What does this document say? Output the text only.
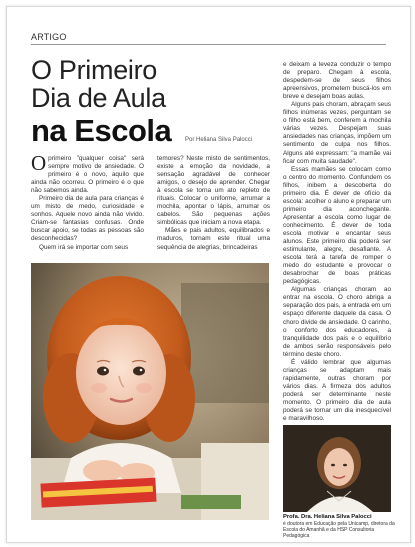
ARTIGO
O Primeiro
Dia de Aula
na Escola Por Heliana Silva Palocci

Oprimeiro "qualquer coisa" será sempre motivo de ansiedade. O primeiro é o novo, aquilo que ainda não ocorreu. O primeiro é o que não sabemos ainda.

Primeiro dia de aula para crianças é um misto de medo, curiosidade e sonhos. Aquele novo ainda não vivido. Criam-se fantasias confusas. Onde buscar apoio, se todas as pessoas são desconhecidas?

Quem irá se importar com seus

temores? Neste misto de sentimentos, existe a emoção da novidade, a sensação agradável de conhecer amigos, o desejo de aprender. Chegar à escola se torna um ato repleto de rituais. Colocar o uniforme, arrumar a mochila, apontar o lápis, arrumar os cabelos. São pequenas ações simbólicas que iniciam a nova etapa.

Mães e pais adultos, equilibrados e maduros, tornam este ritual uma sequência de alegrias, brincadeiras

e deixam a leveza conduzir o tempo de preparo. Chegam à escola, despedem-se de seus filhos apreensivos, prometem buscá-los em breve e desejam boas aulas.

Alguns pais choram, abraçam seus filhos inúmeras vezes, perguntam se o filho está bem, conferem a mochila várias vezes. Despejam suas ansiedades nas crianças, impõem um sentimento de culpa nos filhos. Alguns até expressam: "a mamãe vai ficar com muita saudade".

Essas mamães se colocam como o centro do momento. Confundem os filhos, inibem a descoberta do primeiro dia. É dever de ofício da escola: acolher o aluno e preparar um primeiro dia aconchegante. Apresentar a escola como lugar de conhecimento. É dever de toda escola motivar e encantar seus alunos. Este primeiro dia poderá ser estimulante, alegre, desafiante. A escola terá a tarefa de romper o medo do estudante e provocar o desabrochar de boas práticas pedagógicas.

Algumas crianças choram ao entrar na escola. O choro abriga a separação dos pais, a entrada em um espaço diferente daquele da casa. O choro divide de ansiedade. O carinho, o conforto dos educadores, a tranquilidade dos pais e o equilíbrio de ambos serão responsáveis pelo término deste choro.

É válido lembrar que algumas crianças se adaptam mais rapidamente, outras choram por vários dias. A firmeza dos adultos poderá ser determinante neste momento. O primeiro dia de aula poderá se tornar um dia inesquecível e maravilhoso.

Profa. Dra. Heliana Silva Palocci
é doutora em Educação pela Unicamp, diretora da Escola do Amanhã e da HSP Consultoria Pedagógica
